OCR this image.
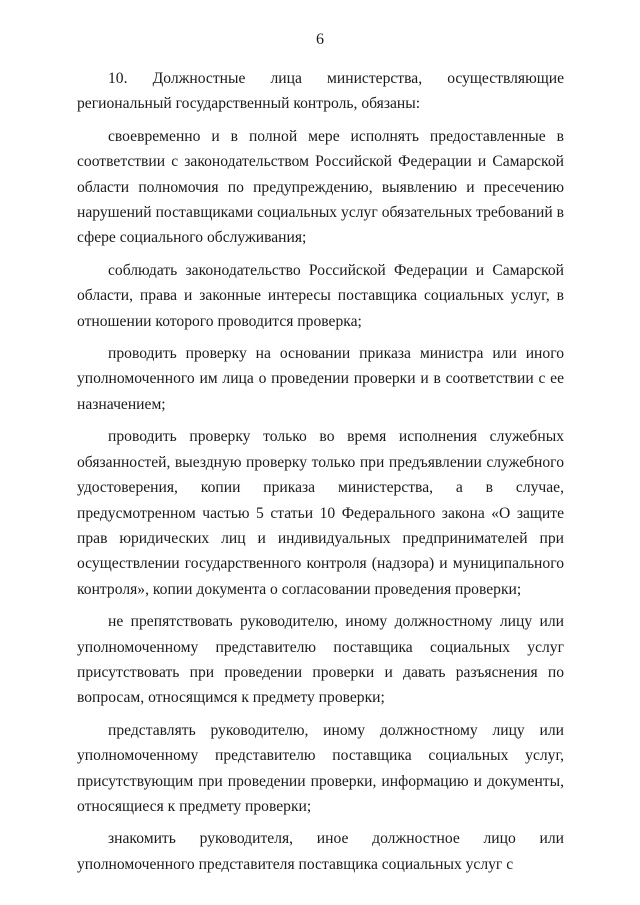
6

10. Должностные лица министерства, осуществляющие региональный государственный контроль, обязаны:

своевременно и в полной мере исполнять предоставленные в соответствии с законодательством Российской Федерации и Самарской области полномочия по предупреждению, выявлению и пресечению нарушений поставщиками социальных услуг обязательных требований в сфере социального обслуживания;

соблюдать законодательство Российской Федерации и Самарской области, права и законные интересы поставщика социальных услуг, в отношении которого проводится проверка;

проводить проверку на основании приказа министра или иного уполномоченного им лица о проведении проверки и в соответствии с ее назначением;

проводить проверку только во время исполнения служебных обязанностей, выездную проверку только при предъявлении служебного удостоверения, копии приказа министерства, а в случае, предусмотренном частью 5 статьи 10 Федерального закона «О защите прав юридических лиц и индивидуальных предпринимателей при осуществлении государственного контроля (надзора) и муниципального контроля», копии документа о согласовании проведения проверки;

не препятствовать руководителю, иному должностному лицу или уполномоченному представителю поставщика социальных услуг присутствовать при проведении проверки и давать разъяснения по вопросам, относящимся к предмету проверки;

представлять руководителю, иному должностному лицу или уполномоченному представителю поставщика социальных услуг, присутствующим при проведении проверки, информацию и документы, относящиеся к предмету проверки;

знакомить руководителя, иное должностное лицо или уполномоченного представителя поставщика социальных услуг с
